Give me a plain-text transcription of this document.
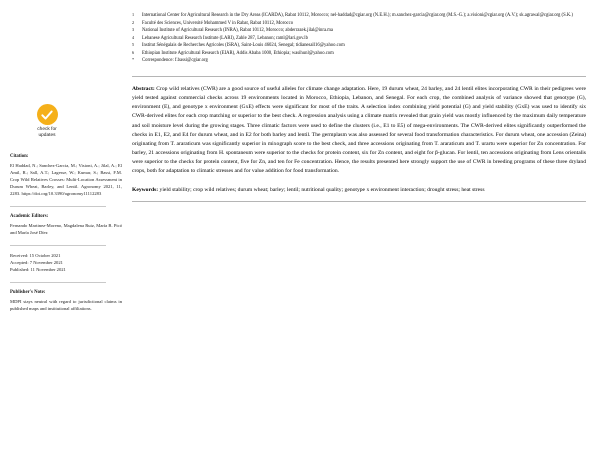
check for
updates
Citation:
El Haddad, N.; Sanchez-Garcia, M.; Visioni, A.; Jilal, A.; El Amil, R.; Sall, A.T.; Lagesse, W.; Kumar, S.; Bassi, F.M. Crop Wild Relatives Crosses: Multi-Location Assessment in Durum Wheat, Barley, and Lentil. Agronomy 2021, 11, 2283. https://doi.org/10.3390/agronomy11112283
Academic Editors:
Fernando Martinez-Moreno, Magdalena Ruiz, María B. Picó and María José Díez
Received: 15 October 2021
Accepted: 7 November 2021
Published: 11 November 2021
Publisher's Note:
MDPI stays neutral with regard to jurisdictional claims in published maps and institutional affiliations.
1	International Center for Agricultural Research in the Dry Areas (ICARDA), Rabat 10112, Morocco; nel-haddad@cgiar.org (N.E.H.); m.sanchez-garcia@cgiar.org (M.S.-G.); a.visioni@cgiar.org (A.V.); sk.agrawal@cgiar.org (S.K.)
2	Faculté des Sciences, Université Mohammed V in Rabat, Rabat 10112, Morocco
3	National Institute of Agricultural Research (INRA), Rabat 10112, Morocco; abderrazek.jilal@inra.ma
4	Lebanese Agricultural Research Institute (LARI), Zahle 287, Lebanon; raml@lari.gov.lb
5	Institut Sénégalais de Recherches Agricoles (ISRA), Saint-Louis 46024, Senegal; tidianesall16@yahoo.com
6	Ethiopian Institute Agricultural Research (EIAR), Addis Ababa 1000, Ethiopia; wasihunl@yahoo.com
*	Correspondence: f.bassi@cgiar.org

Abstract: Crop wild relatives (CWR) are a good source of useful alleles for climate change adaptation. Here, 19 durum wheat, 24 barley, and 24 lentil elites incorporating CWR in their pedigrees were yield tested against commercial checks across 19 environments located in Morocco, Ethiopia, Lebanon, and Senegal. For each crop, the combined analysis of variance showed that genotype (G), environment (E), and genotype x environment (GxE) effects were significant for most of the traits. A selection index combining yield potential (G) and yield stability (GxE) was used to identify six CWR-derived elites for each crop matching or superior to the best check. A regression analysis using a climate matrix revealed that grain yield was mostly influenced by the maximum daily temperature and soil moisture level during the growing stages. Three climatic factors were used to define the clusters (i.e., E1 to E5) of mega-environments. The CWR-derived elites significantly outperformed the checks in E1, E2, and E4 for durum wheat, and in E2 for both barley and lentil. The germplasm was also assessed for several food transformation characteristics. For durum wheat, one accession (Zeina) originating from T. araraticum was significantly superior in mixograph score to the best check, and three accessions originating from T. araraticum and T. urartu were superior for Zn concentration. For barley, 21 accessions originating from H. spontaneum were superior to the checks for protein content, six for Zn content, and eight for β-glucan. For lentil, ten accessions originating from Lens orientalis were superior to the checks for protein content, five for Zn, and ten for Fe concentration. Hence, the results presented here strongly support the use of CWR in breeding programs of these three dryland crops, both for adaptation to climatic stresses and for value addition for food transformation.

Keywords: yield stability; crop wild relatives; durum wheat; barley; lentil; nutritional quality; genotype x environment interaction; drought stress; heat stress
